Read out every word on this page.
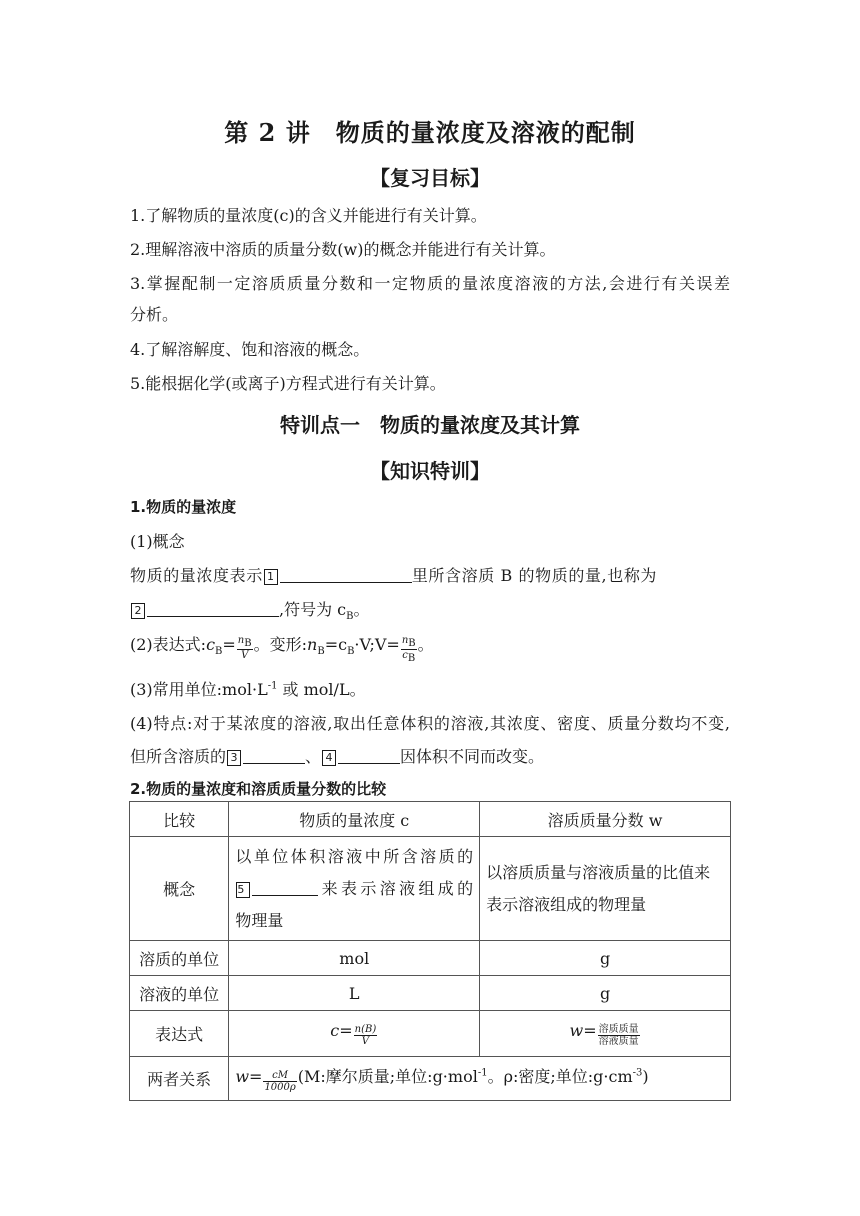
第 2 讲　物质的量浓度及溶液的配制
【复习目标】
1.了解物质的量浓度(c)的含义并能进行有关计算。
2.理解溶液中溶质的质量分数(w)的概念并能进行有关计算。
3.掌握配制一定溶质质量分数和一定物质的量浓度溶液的方法,会进行有关误差
分析。
4.了解溶解度、饱和溶液的概念。
5.能根据化学(或离子)方程式进行有关计算。
特训点一　物质的量浓度及其计算
【知识特训】
1.物质的量浓度
(1)概念
物质的量浓度表示 1	里所含溶质 B 的物质的量,也称为
2	,符号为 $c_B$。
(2)表达式$:c_B= \frac{n_B}{V}$ 。变形$:n_B=c_B\cdot V;V= \frac{n_B}{c_B}$ 。
(3)常用单位$:mol\cdot L^{-1}$ 或 mol/L。
(4)特点:对于某浓度的溶液,取出任意体积的溶液,其浓度、密度、质量分数均不变,
但所含溶质的 3	、 4	因体积不同而改变。
2.物质的量浓度和溶质质量分数的比较
比较	物质的量浓度 c	溶质质量分数 w
概念	以单位体积溶液中所含溶质的
5 来表示溶液组成的
物理量	以溶质质量与溶液质量的比值来表示溶液组成的物理量
溶质的单位	mol	g
溶液的单位	L	g
表达式	$c= \frac{n(B)}{V}$	$w= \frac{\text{溶质质量}}{\text{溶液质量}}$

两者关系	$w= \frac{cM}{1000\rho} (M$:摩尔质量;单位:g·mol$^{-1}$。ρ:密度;单位$:g\cdot cm^{-3}$)	
